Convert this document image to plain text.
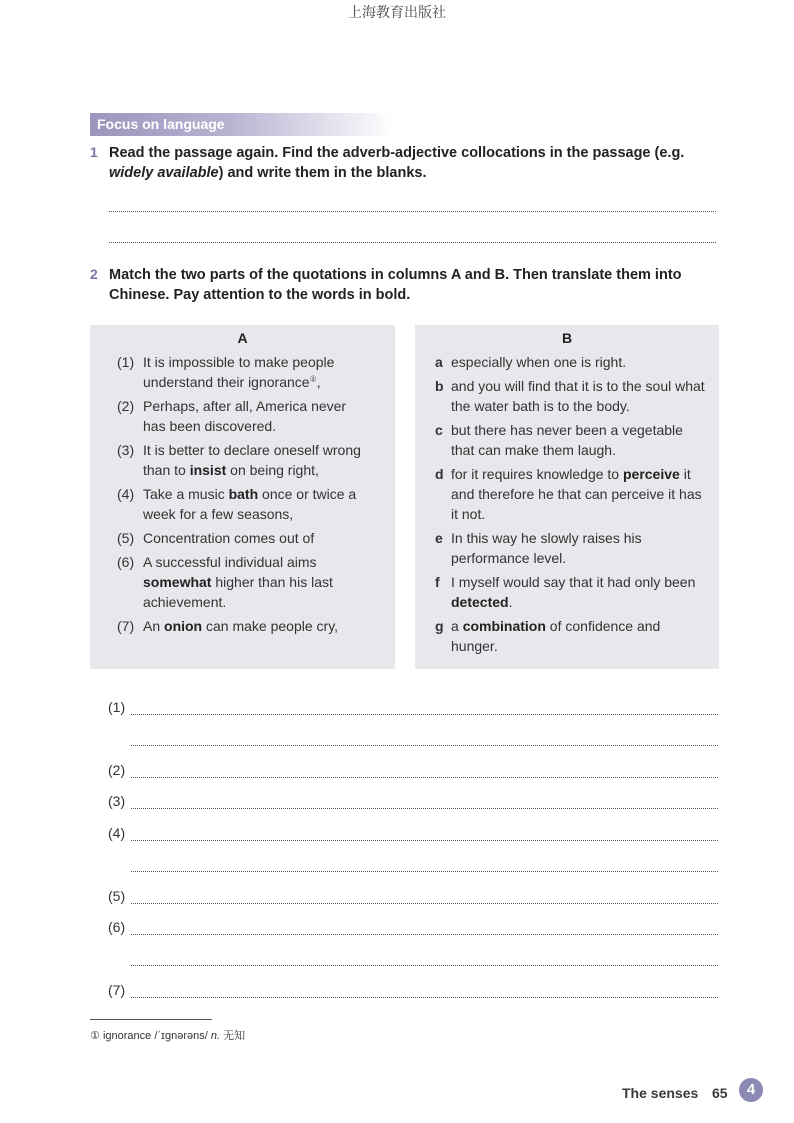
上海教育出版社
Focus on language
1 Read the passage again. Find the adverb-adjective collocations in the passage (e.g.
widely available) and write them in the blanks.
2 Match the two parts of the quotations in columns A and B. Then translate them into
Chinese. Pay attention to the words in bold.
A
(1) It is impossible to make people understand their ignorance①,
(2) Perhaps, after all, America never has been discovered.
(3) It is better to declare oneself wrong than to insist on being right,
(4) Take a music bath once or twice a week for a few seasons,
(5) Concentration comes out of
(6) A successful individual aims somewhat higher than his last achievement.
(7) An onion can make people cry,
B
a especially when one is right.
b and you will find that it is to the soul what the water bath is to the body.
c but there has never been a vegetable that can make them laugh.
d for it requires knowledge to perceive it and therefore he that can perceive it has it not.
e In this way he slowly raises his performance level.
f I myself would say that it had only been detected.
g a combination of confidence and hunger.
(1)
(2)
(3)
(4)
(5)
(6)
(7)
① ignorance /ˈɪɡnərəns/ n. 无知
The senses 65	4
